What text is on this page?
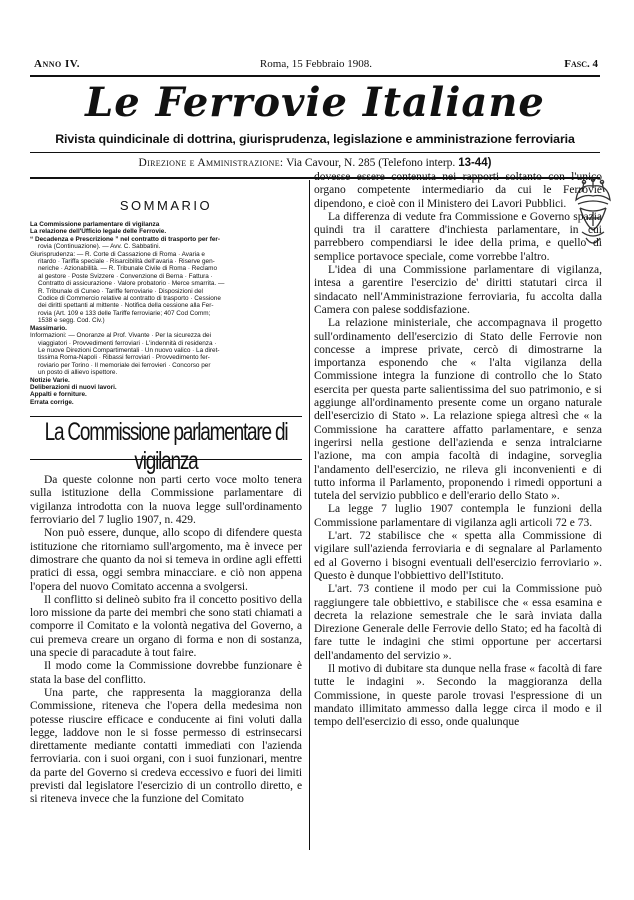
Anno IV.	Roma, 15 Febbraio 1908.	Fasc. 4
Le Ferrovie Italiane
Rivista quindicinale di dottrina, giurisprudenza, legislazione e amministrazione ferroviaria
Direzione e Amministrazione: Via Cavour, N. 285 (Telefono interp. 13-44)
SOMMARIO

La Commissione parlamentare di vigilanza

La relazione dell'Ufficio legale delle Ferrovie.

“ Decadenza e Prescrizione ” nel contratto di trasporto per fer-

rovia (Continuazione). — Avv. C. Sabbatini.

Giurisprudenza: — R. Corte di Cassazione di Roma · Avaria e

ritardo · Tariffa speciale · Risarcibilità dell'avaria · Riserve gen-

neriche · Azionabilità. — R. Tribunale Civile di Roma · Reclamo

al gestore · Poste Svizzere · Convenzione di Berna · Fattura ·

Contratto di assicurazione · Valore probatorio · Merce smarrita. —

R. Tribunale di Cuneo · Tariffe ferroviarie · Disposizioni del

Codice di Commercio relative al contratto di trasporto · Cessione

dei diritti spettanti al mittente · Notifica della cessione alla Fer-

rovia (Art. 109 e 133 delle Tariffe ferroviarie; 407 Cod Comm;

1538 e segg. Cod. Civ.)

Massimario.

Informazioni: — Onoranze al Prof. Vivante · Per la sicurezza dei

viaggiatori · Provvedimenti ferroviari · L'indennità di residenza ·

Le nuove Direzioni Compartimentali · Un nuovo valico · La diret-

tissima Roma-Napoli · Ribassi ferroviari · Provvedimento fer-

roviario per Torino · Il memoriale dei ferrovieri · Concorso per

un posto di allievo ispettore.

Notizie Varie.

Deliberazioni di nuovi lavori.

Appalti e forniture.

Errata corrige.

La Commissione parlamentare di vigilanza

Da queste colonne non parti certo voce molto tenera sulla istituzione della Commissione parlamentare di vigilanza introdotta con la nuova legge sull'ordinamento ferroviario del 7 luglio 1907, n. 429.

Non può essere, dunque, allo scopo di difendere questa istituzione che ritorniamo sull'argomento, ma è invece per dimostrare che quanto da noi si temeva in ordine agli effetti pratici di essa, oggi sembra minacciare. e ciò non appena l'opera del nuovo Comitato accenna a svolgersi.

Il conflitto si delineò subito fra il concetto positivo della loro missione da parte dei membri che sono stati chiamati a comporre il Comitato e la volontà negativa del Governo, a cui premeva creare un organo di forma e non di sostanza, una specie di paracadute à tout faire.

Il modo come la Commissione dovrebbe funzionare è stata la base del conflitto.

Una parte, che rappresenta la maggioranza della Commissione, riteneva che l'opera della medesima non potesse riuscire efficace e conducente ai fini voluti dalla legge, laddove non le si fosse permesso di estrinsecarsi direttamente mediante contatti immediati con l'azienda ferroviaria. con i suoi organi, con i suoi funzionari, mentre da parte del Governo si credeva eccessivo e fuori dei limiti previsti dal legislatore l'esercizio di un controllo diretto, e si riteneva invece che la funzione del Comitato

dovesse essere contenuta nei rapporti soltanto con l'unico organo competente intermediario da cui le Ferrovie dipendono, e cioè con il Ministero dei Lavori Pubblici.

La differenza di vedute fra Commissione e Governo spazia quindi tra il carattere d'inchiesta parlamentare, in cui parrebbero compendiarsi le idee della prima, e quello di semplice portavoce speciale, come vorrebbe l'altro.

L'idea di una Commissione parlamentare di vigilanza, intesa a garentire l'esercizio de' diritti statutari circa il sindacato nell'Amministrazione ferroviaria, fu accolta dalla Camera con palese soddisfazione.

La relazione ministeriale, che accompagnava il progetto sull'ordinamento dell'esercizio di Stato delle Ferrovie non concesse a imprese private, cercò di dimostrarne la importanza esponendo che « l'alta vigilanza della Commissione integra la funzione di controllo che lo Stato esercita per questa parte salientissima del suo patrimonio, e si aggiunge all'ordinamento presente come un organo naturale dell'esercizio di Stato ». La relazione spiega altresì che « la Commissione ha carattere affatto parlamentare, e senza ingerirsi nella gestione dell'azienda e senza intralciarne l'azione, ma con ampia facoltà di indagine, sorveglia l'andamento dell'esercizio, ne rileva gli inconvenienti e di tutto informa il Parlamento, proponendo i rimedi opportuni a tutela del servizio pubblico e dell'erario dello Stato ».

La legge 7 luglio 1907 contempla le funzioni della Commissione parlamentare di vigilanza agli articoli 72 e 73.

L'art. 72 stabilisce che « spetta alla Commissione di vigilare sull'azienda ferroviaria e di segnalare al Parlamento ed al Governo i bisogni eventuali dell'esercizio ferroviario ». Questo è dunque l'obbiettivo dell'Istituto.

L'art. 73 contiene il modo per cui la Commissione può raggiungere tale obbiettivo, e stabilisce che « essa esamina e decreta la relazione semestrale che le sarà inviata dalla Direzione Generale delle Ferrovie dello Stato; ed ha facoltà di fare tutte le indagini che stimi opportune per accertarsi dell'andamento del servizio ».

Il motivo di dubitare sta dunque nella frase « facoltà di fare tutte le indagini ». Secondo la maggioranza della Commissione, in queste parole trovasi l'espressione di un mandato illimitato ammesso dalla legge circa il modo e il tempo dell'esercizio di esso, onde qualunque
